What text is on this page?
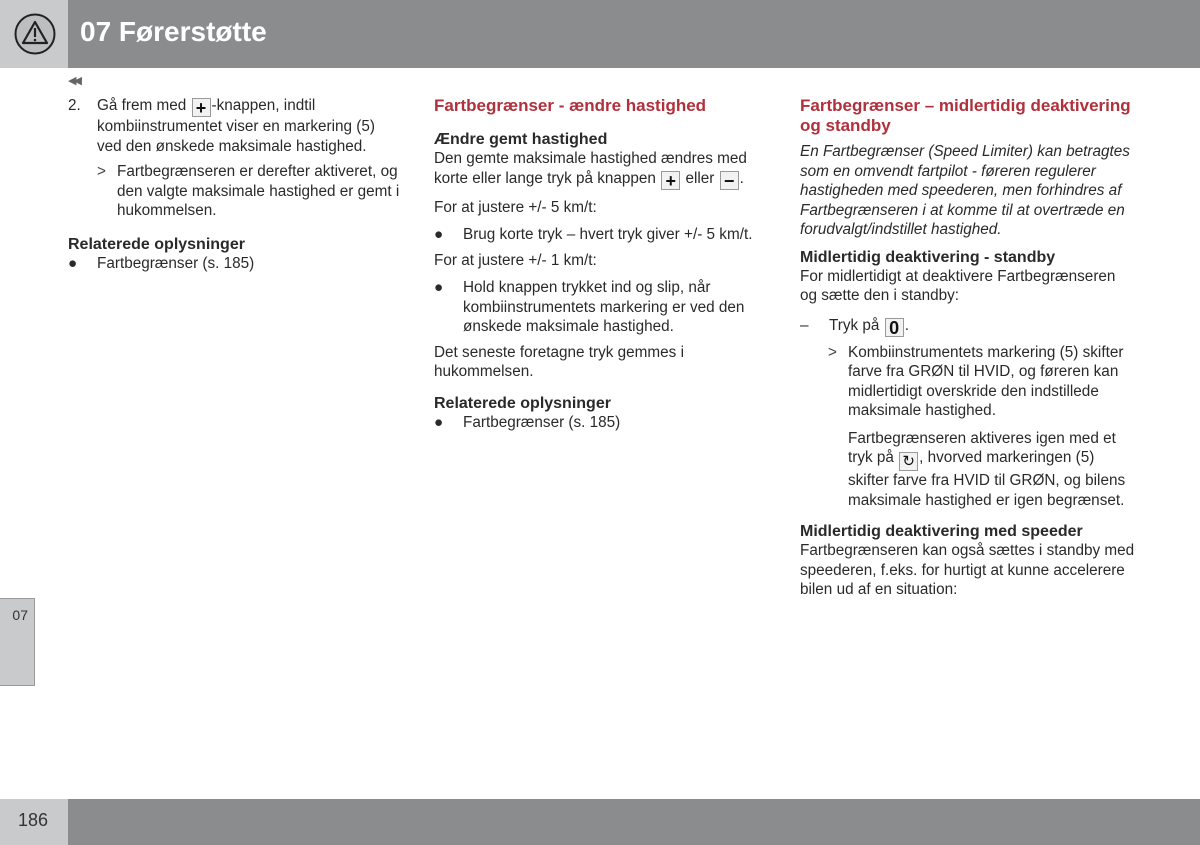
07 Førerstøtte
◀◀
2. Gå frem med + -knappen, indtil kombiinstrumentet viser en markering (5) ved den ønskede maksimale hastighed.
> Fartbegrænseren er derefter aktiveret, og den valgte maksimale hastighed er gemt i hukommelsen.
Relaterede oplysninger
● Fartbegrænser (s. 185)
Fartbegrænser - ændre hastighed
Ændre gemt hastighed

Den gemte maksimale hastighed ændres med korte eller lange tryk på knappen + eller − .

For at justere +/- 5 km/t:

● Brug korte tryk – hvert tryk giver +/- 5 km/t.

For at justere +/- 1 km/t:

● Hold knappen trykket ind og slip, når kombiinstrumentets markering er ved den ønskede maksimale hastighed.

Det seneste foretagne tryk gemmes i hukommelsen.

Relaterede oplysninger
● Fartbegrænser (s. 185)
Fartbegrænser – midlertidig deaktivering og standby

En Fartbegrænser (Speed Limiter) kan betragtes som en omvendt fartpilot - føreren regulerer hastigheden med speederen, men forhindres af Fartbegrænseren i at komme til at overtræde en forudvalgt/indstillet hastighed.

Midlertidig deaktivering - standby

For midlertidigt at deaktivere Fartbegrænseren og sætte den i standby:

– Tryk på 0 .
> Kombiinstrumentets markering (5) skifter farve fra GRØN til HVID, og føreren kan midlertidigt overskride den indstillede maksimale hastighed.

Fartbegrænseren aktiveres igen med et tryk på ↻ , hvorved markeringen (5) skifter farve fra HVID til GRØN, og bilens maksimale hastighed er igen begrænset.

Midlertidig deaktivering med speeder

Fartbegrænseren kan også sættes i standby med speederen, f.eks. for hurtigt at kunne accelerere bilen ud af en situation:

07
186
